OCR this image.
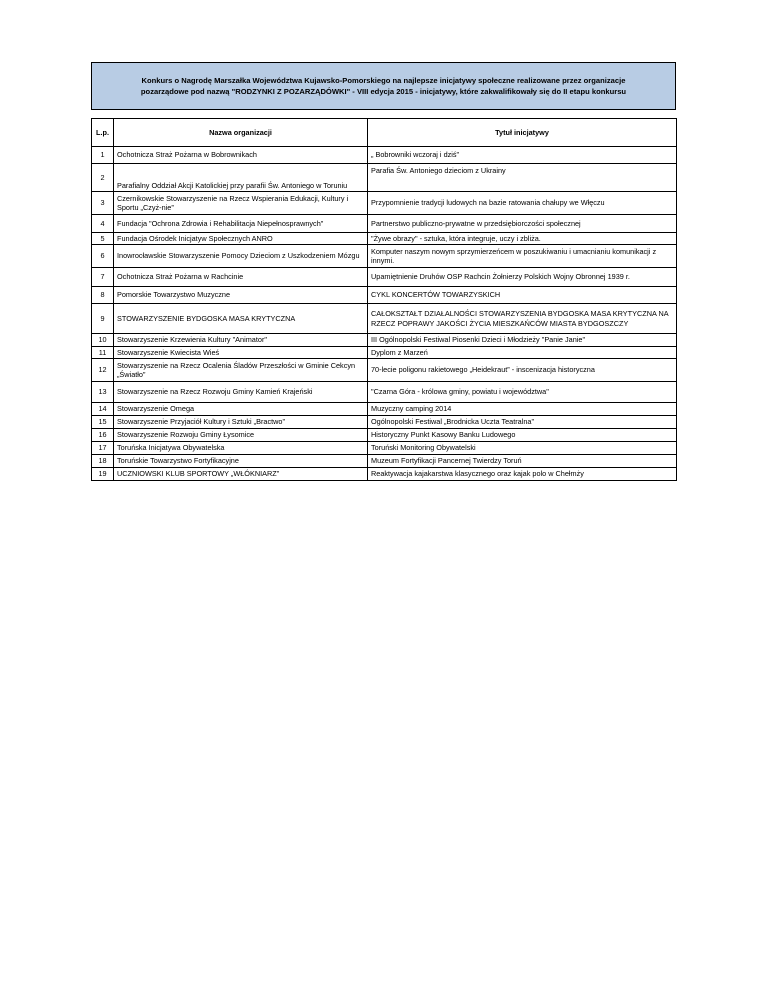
Konkurs o Nagrodę Marszałka Województwa Kujawsko-Pomorskiego na najlepsze inicjatywy społeczne realizowane przez organizacje
pozarządowe pod nazwą "RODZYNKI Z POZARZĄDÓWKI" - VIII edycja 2015 - inicjatywy, które zakwalifikowały się do II etapu konkursu
L.p.	Nazwa organizacji	Tytuł inicjatywy
1	Ochotnicza Straż Pożarna w Bobrownikach	„ Bobrowniki wczoraj i dziś”
2	Parafialny Oddział Akcji Katolickiej przy parafii Św. Antoniego w Toruniu	Parafia Św. Antoniego dzieciom z Ukrainy
3	Czernikowskie Stowarzyszenie na Rzecz Wspierania Edukacji, Kultury i Sportu „Czyż-nie”	Przypomnienie tradycji ludowych na bazie ratowania chałupy we Włęczu
4	Fundacja "Ochrona Zdrowia i Rehabilitacja Niepełnosprawnych"	Partnerstwo publiczno-prywatne w przedsiębiorczości społecznej
5	Fundacja Ośrodek Inicjatyw Społecznych ANRO	"Żywe obrazy" - sztuka, która integruje, uczy i zbliża.
6	Inowrocławskie Stowarzyszenie Pomocy Dzieciom z Uszkodzeniem Mózgu	Komputer naszym nowym sprzymierzeńcem w poszukiwaniu i umacnianiu komunikacji z innymi.
7	Ochotnicza Straż Pożarna w Rachcinie	Upamiętnienie Druhów OSP Rachcin Żołnierzy Polskich Wojny Obronnej 1939 r.
8	Pomorskie Towarzystwo Muzyczne	CYKL KONCERTÓW TOWARZYSKICH
9	STOWARZYSZENIE BYDGOSKA MASA KRYTYCZNA	CAŁOKSZTAŁT DZIAŁALNOŚCI STOWARZYSZENIA BYDGOSKA MASA KRYTYCZNA NA RZECZ POPRAWY JAKOŚCI ŻYCIA MIESZKAŃCÓW MIASTA BYDGOSZCZY
10	Stowarzyszenie Krzewienia Kultury "Animator"	III Ogólnopolski Festiwal Piosenki Dzieci i Młodzieży "Panie Janie"
11	Stowarzyszenie Kwiecista Wieś	Dyplom z Marzeń
12	Stowarzyszenie na Rzecz Ocalenia Śladów Przeszłości w Gminie Cekcyn „Światło”	70-lecie poligonu rakietowego „Heidekraut” - inscenizacja historyczna
13	Stowarzyszenie na Rzecz Rozwoju Gminy Kamień Krajeński	"Czarna Góra - królowa gminy, powiatu i województwa"
14	Stowarzyszenie Omega	Muzyczny camping 2014
15	Stowarzyszenie Przyjaciół Kultury i Sztuki „Bractwo”	Ogólnopolski Festiwal „Brodnicka Uczta Teatralna”
16	Stowarzyszenie Rozwoju Gminy Łysomice	Historyczny Punkt Kasowy Banku Ludowego
17	Toruńska Inicjatywa Obywatelska	Toruński Monitoring Obywatelski
18	Toruńskie Towarzystwo Fortyfikacyjne	Muzeum Fortyfikacji Pancernej Twierdzy Toruń
19	UCZNIOWSKI KLUB SPORTOWY „WŁÓKNIARZ”	Reaktywacja kajakarstwa klasycznego oraz kajak polo w Chełmży
